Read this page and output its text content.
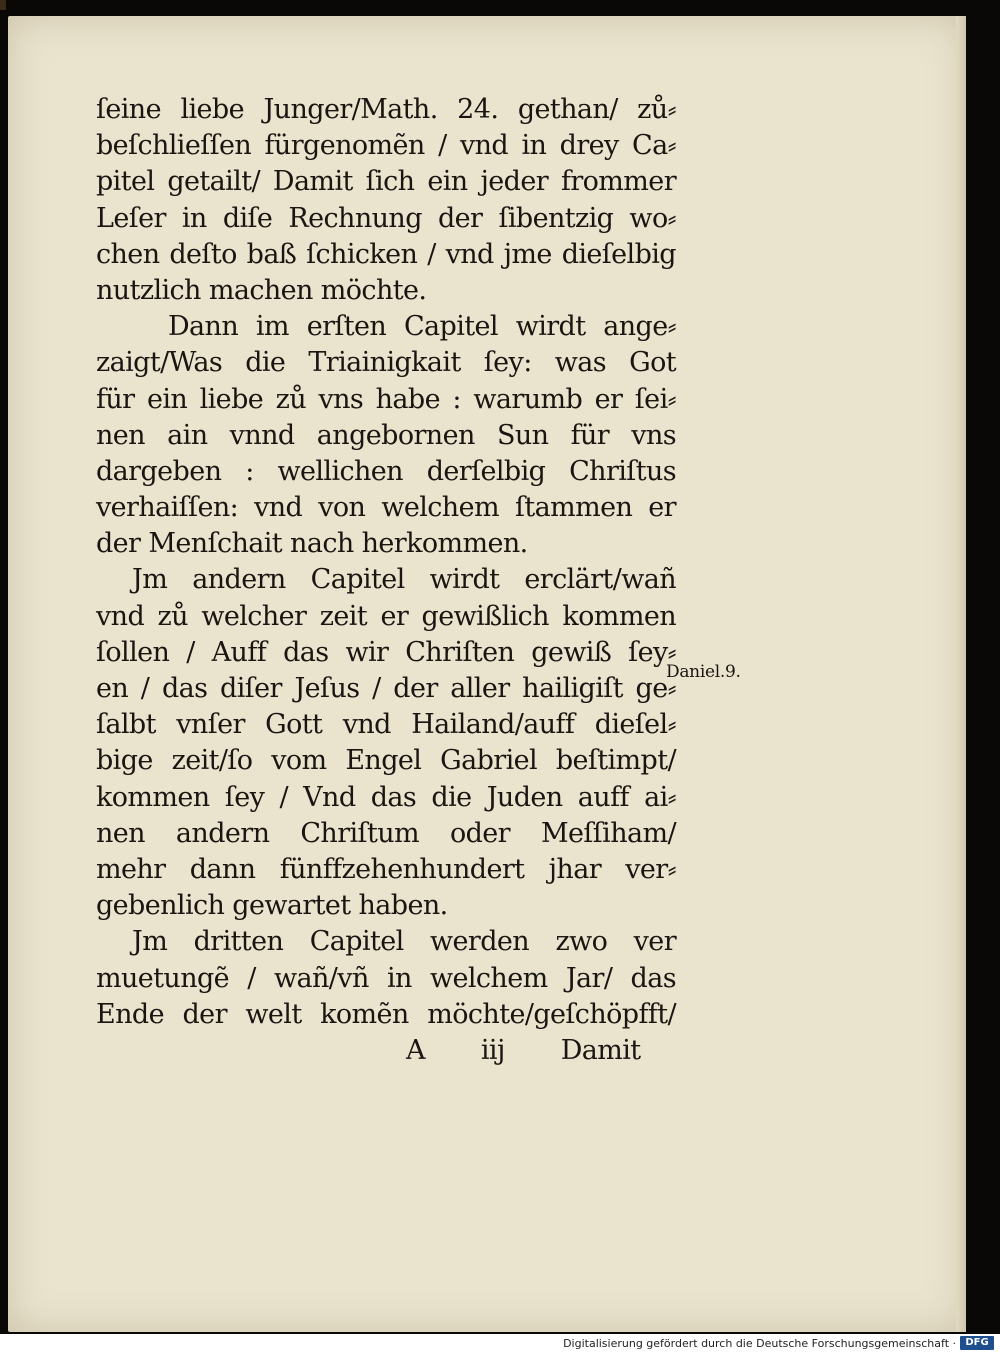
ſeine liebe Junger/Math. 24. gethan/ zů⸗
beſchlieſſen fürgenomẽn / vnd in drey Ca⸗
pitel getailt/ Damit ſich ein jeder frommer
Leſer in diſe Rechnung der ſibentzig wo⸗
chen deſto baß ſchicken / vnd jme dieſelbig
nutzlich machen möchte.
Dann im erſten Capitel wirdt ange⸗
zaigt/Was die Triainigkait ſey: was Got
für ein liebe zů vns habe : warumb er ſei⸗
nen ain vnnd angebornen Sun für vns
dargeben : wellichen derſelbig Chriſtus
verhaiſſen: vnd von welchem ſtammen er
der Menſchait nach herkommen.
Jm andern Capitel wirdt erclärt/wañ
vnd zů welcher zeit er gewißlich kommen
ſollen / Auff das wir Chriſten gewiß ſey⸗
en / das diſer Jeſus / der aller hailigiſt ge⸗
ſalbt vnſer Gott vnd Hailand/auff dieſel⸗
bige zeit/ſo vom Engel Gabriel beſtimpt/
kommen ſey / Vnd das die Juden auff ai⸗
nen andern Chriſtum oder Meſſiham/
mehr dann fünffzehenhundert jhar ver⸗
gebenlich gewartet haben.
Jm dritten Capitel werden zwo ver
muetungẽ / wañ/vñ in welchem Jar/ das
Ende der welt komẽn möchte/geſchöpfft/
A iij Damit
Daniel.9.
Digitalisierung gefördert durch die Deutsche Forschungsgemeinschaft · DFG
